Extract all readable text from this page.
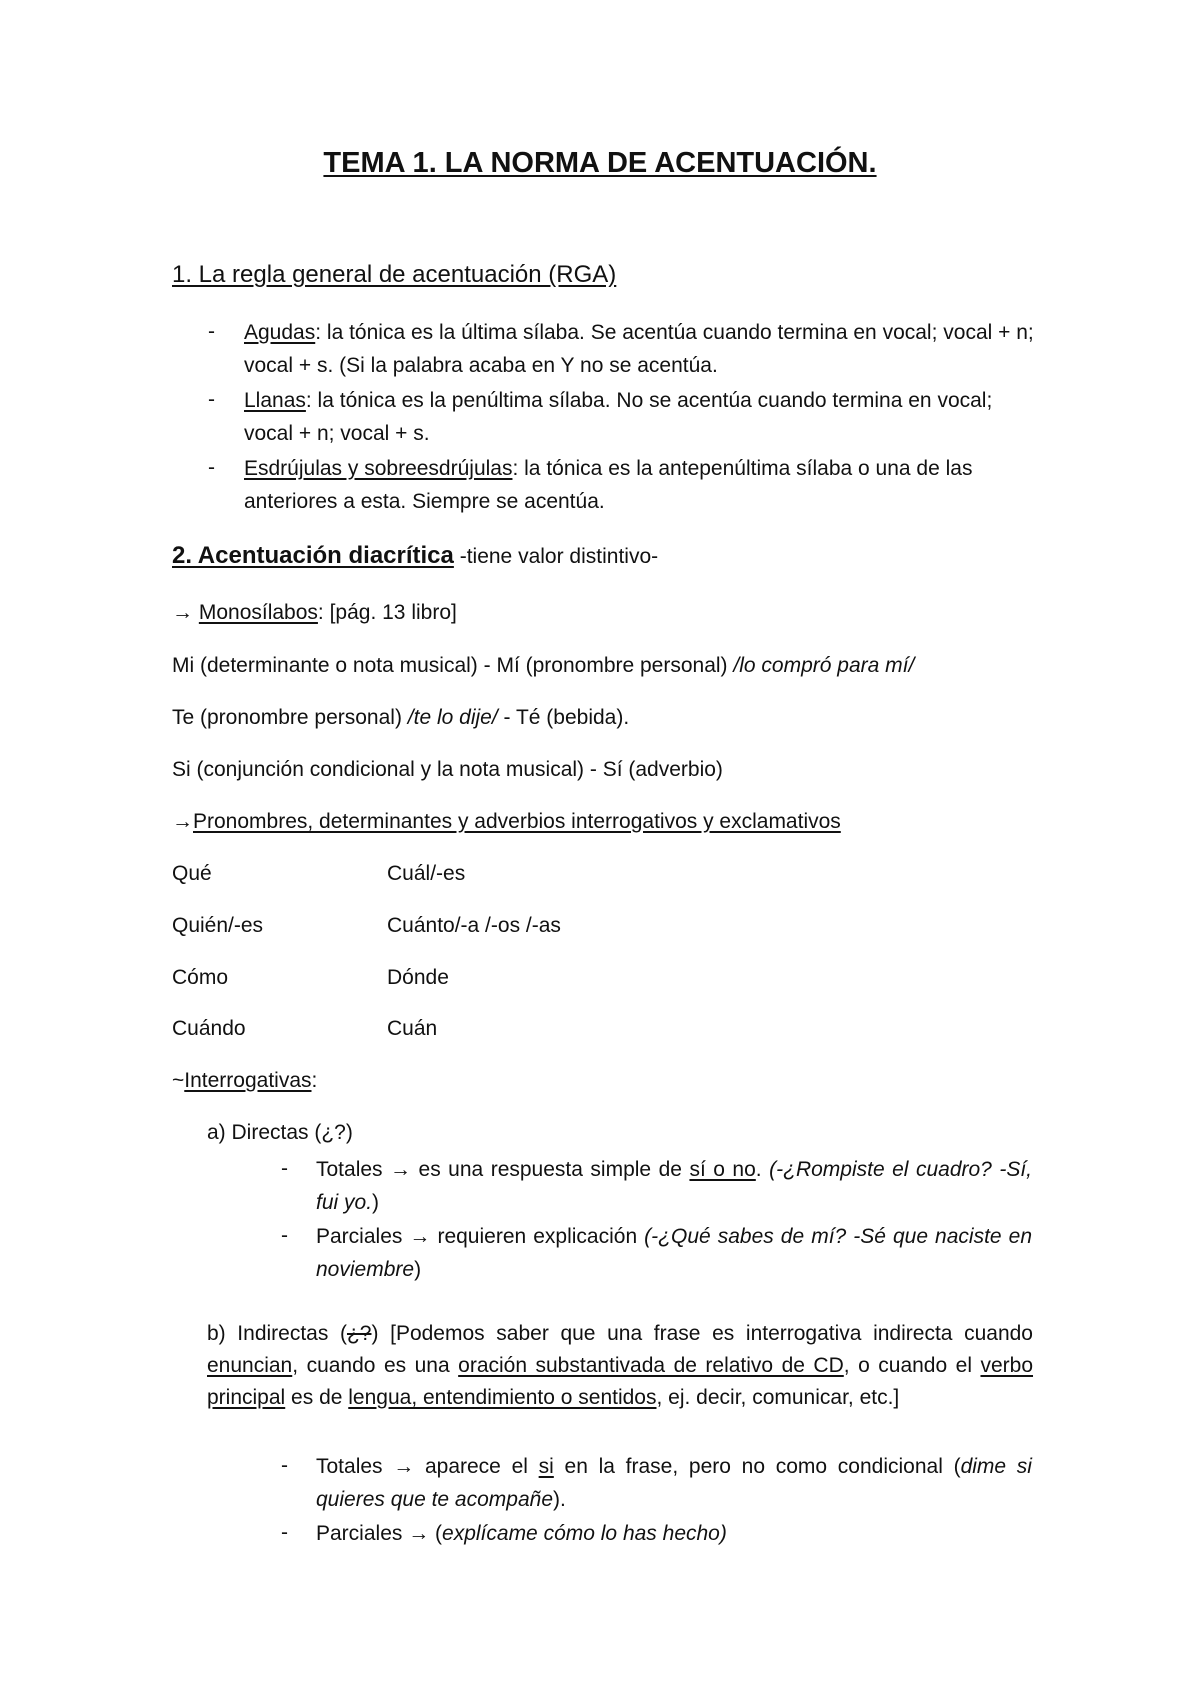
TEMA 1. LA NORMA DE ACENTUACIÓN.
1. La regla general de acentuación (RGA)
- Agudas: la tónica es la última sílaba. Se acentúa cuando termina en vocal; vocal + n; vocal + s. (Si la palabra acaba en Y no se acentúa.
- Llanas: la tónica es la penúltima sílaba. No se acentúa cuando termina en vocal; vocal + n; vocal + s.
- Esdrújulas y sobreesdrújulas: la tónica es la antepenúltima sílaba o una de las anteriores a esta. Siempre se acentúa.
2. Acentuación diacrítica -tiene valor distintivo-
→ Monosílabos: [pág. 13 libro]
Mi (determinante o nota musical) - Mí (pronombre personal) /lo compró para mí/
Te (pronombre personal) /te lo dije/ - Té (bebida).
Si (conjunción condicional y la nota musical) - Sí (adverbio)
→Pronombres, determinantes y adverbios interrogativos y exclamativos
Qué	Cuál/-es
Quién/-es	Cuánto/-a /-os /-as
Cómo	Dónde
Cuándo	Cuán
~Interrogativas:
a) Directas (¿?)
- Totales → es una respuesta simple de sí o no. (-¿Rompiste el cuadro? -Sí, fui yo.)
- Parciales → requieren explicación (-¿Qué sabes de mí? -Sé que naciste en noviembre)
b) Indirectas (¿?) [Podemos saber que una frase es interrogativa indirecta cuando enuncian, cuando es una oración substantivada de relativo de CD, o cuando el verbo principal es de lengua, entendimiento o sentidos, ej. decir, comunicar, etc.]
- Totales → aparece el si en la frase, pero no como condicional (dime si quieres que te acompañe).
- Parciales → (explícame cómo lo has hecho)
